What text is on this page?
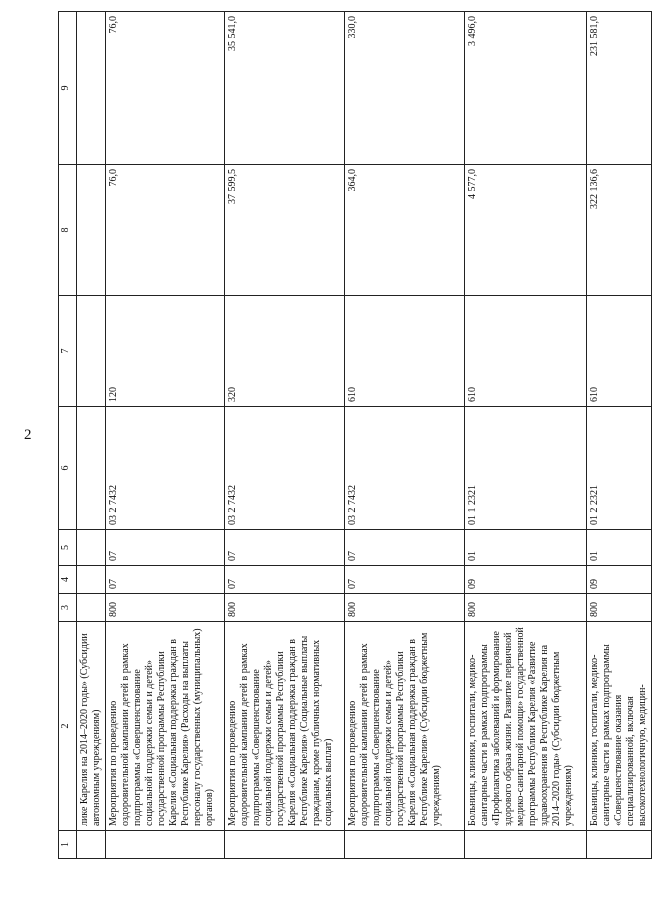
2
1	2	3	4	5	6	7	8	9
	лике Карелия на 2014–2020 годы» (Субсидии автономным учреждениям)							
	Мероприятия по проведению оздоровительной кампании детей в рамках подпрограммы «Совершенствование социальной поддержки семьи и детей» государственной программы Республики Карелия «Социальная поддержка граждан в Республике Карелия» (Расходы на выплаты персоналу государственных (муниципальных) органов)	800	07	07	03 2 7432	120	76,0	76,0
	Мероприятия по проведению оздоровительной кампании детей в рамках подпрограммы «Совершенствование социальной поддержки семьи и детей» государственной программы Республики Карелия «Социальная поддержка граждан в Республике Карелия» (Социальные выплаты гражданам, кроме публичных нормативных социальных выплат)	800	07	07	03 2 7432	320	37 599,5	35 541,0
	Мероприятия по проведению оздоровительной кампании детей в рамках подпрограммы «Совершенствование социальной поддержки семьи и детей» государственной программы Республики Карелия «Социальная поддержка граждан в Республике Карелия» (Субсидии бюджетным учреждениям)	800	07	07	03 2 7432	610	364,0	330,0
	Больницы, клиники, госпитали, медико-санитарные части в рамках подпрограммы «Профилактика заболеваний и формирование здорового образа жизни. Развитие первичной медико-санитарной помощи» государственной программы Республики Карелия «Развитие здравоохранения в Республике Карелия на 2014–2020 годы» (Субсидии бюджетным учреждениям)	800	09	01	01 1 2321	610	4 577,0	3 496,0
	Больницы, клиники, госпитали, медико-санитарные части в рамках подпрограммы «Совершенствование оказания специализированной, включая высокотехнологичную, медицин-	800	09	01	01 2 2321	610	322 136,6	231 581,0
